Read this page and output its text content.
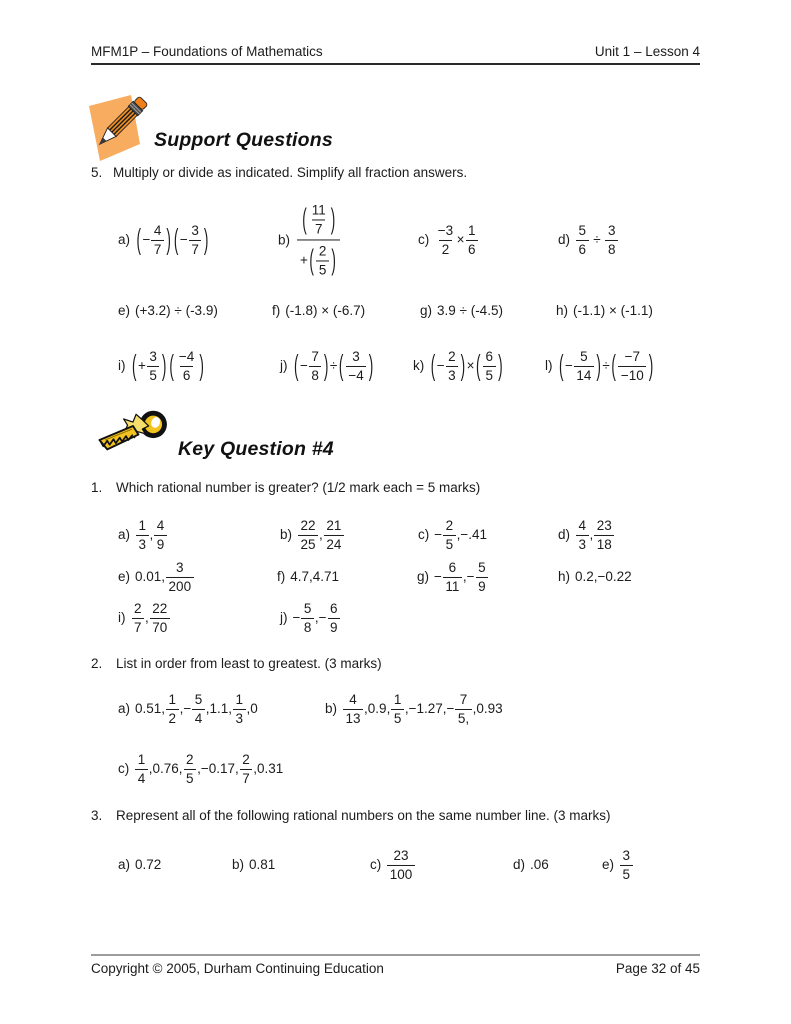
MFM1P – Foundations of Mathematics	Unit 1 – Lesson 4
Support Questions
5. Multiply or divide as indicated. Simplify all fraction answers.
a) ( − $\frac{4}{7}$ ) ( − $\frac{3}{7}$ )	$b) \frac{( \frac{11}{7} )}{+ ( \frac{2}{5} )}$	$c) \frac{-3}{2} \times \frac{1}{6}$	$d) \frac{5}{6} \div \frac{3}{8}$
e) (+3.2) ÷ (-3.9)	f) (-1.8) × (-6.7)	g) 3.9 ÷ (-4.5)	h) (-1.1) × (-1.1)
i) ( + $\frac{3}{5}$ ) ( $\frac{-4}{6}$ )	j) ( − $\frac{7}{8}$ ) ÷ ( $\frac{3}{-4}$ )	k) ( − $\frac{2}{3}$ ) × ( $\frac{6}{5}$ )	l) ( − $\frac{5}{14}$ ) ÷ ( $\frac{-7}{-10}$ )
Key Question #4
1.	Which rational number is greater? (1/2 mark each = 5 marks)
$a) \frac{1}{3}$ , $\frac{4}{9}$	$b) \frac{22}{25}$ , $\frac{21}{24}$	$c) - \frac{2}{5} ,-.41$	$d) \frac{4}{3}$ , $\frac{23}{18}$
e) 0.01, $\frac{3}{200}$	f) 4.7,4.71	$g) - \frac{6}{11}$ ,− $\frac{5}{9}$	h) 0.2,−0.22
$i) \frac{2}{7}$ , $\frac{22}{70}$	$j) - \frac{5}{8}$ ,− $\frac{6}{9}$
2.	List in order from least to greatest. (3 marks)
a) 0.51, $\frac{1}{2}$ ,− $\frac{5}{4} ,1.1$, $\frac{1}{3} ,0$	$b) \frac{4}{13} ,0.9$, $\frac{1}{5} ,-1.27,- \frac{7}{5,} ,0.93$
$c) \frac{1}{4} ,0.76$, $\frac{2}{5} ,-0.17$, $\frac{2}{7} ,0.31$
3.	Represent all of the following rational numbers on the same number line. (3 marks)
a) 0.72	b) 0.81	$c) \frac{23}{100}$	d) .06	$e) \frac{3}{5}$
Copyright © 2005, Durham Continuing Education	Page 32 of 45
